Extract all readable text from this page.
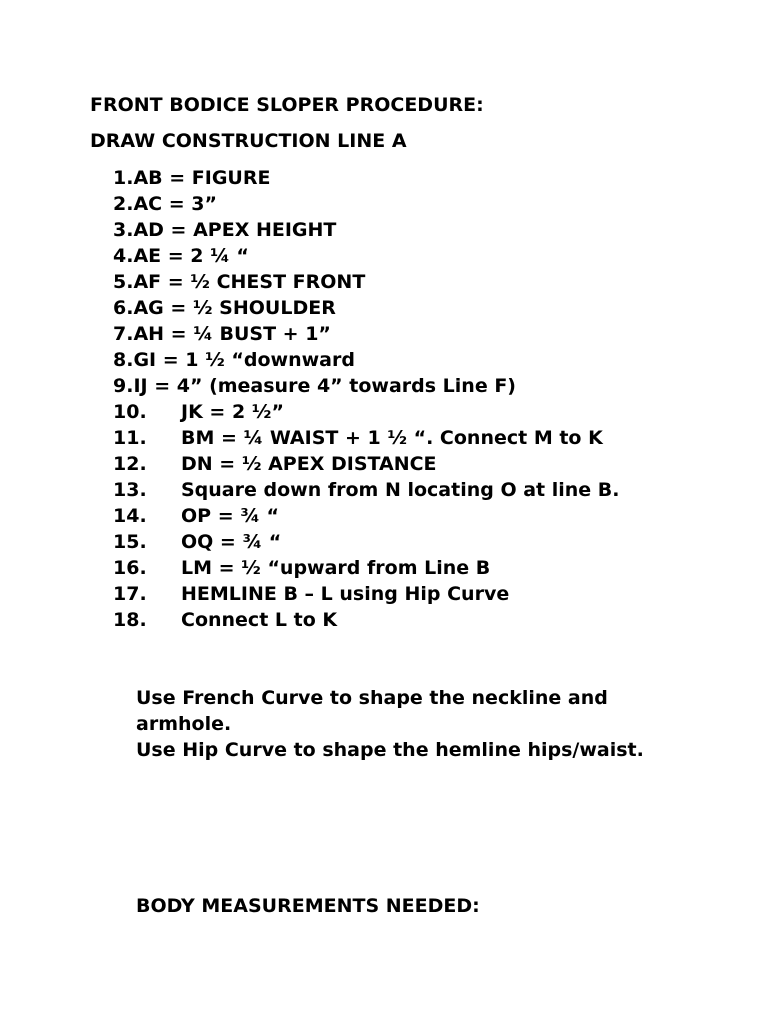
FRONT BODICE SLOPER PROCEDURE:
DRAW CONSTRUCTION LINE A
1.AB = FIGURE
2.AC = 3”
3.AD = APEX HEIGHT
4.AE = 2 ¼ “
5.AF = ½ CHEST FRONT
6.AG = ½ SHOULDER
7.AH = ¼ BUST + 1”
8.GI = 1 ½ “downward
9.IJ = 4” (measure 4” towards Line F)
10. JK = 2 ½”
11. BM = ¼ WAIST + 1 ½ “. Connect M to K
12. DN = ½ APEX DISTANCE
13. Square down from N locating O at line B.
14. OP = ¾ “
15. OQ = ¾ “
16. LM = ½ “upward from Line B
17. HEMLINE B – L using Hip Curve
18. Connect L to K

Use French Curve to shape the neckline and armhole.

Use Hip Curve to shape the hemline hips/waist.

BODY MEASUREMENTS NEEDED:
